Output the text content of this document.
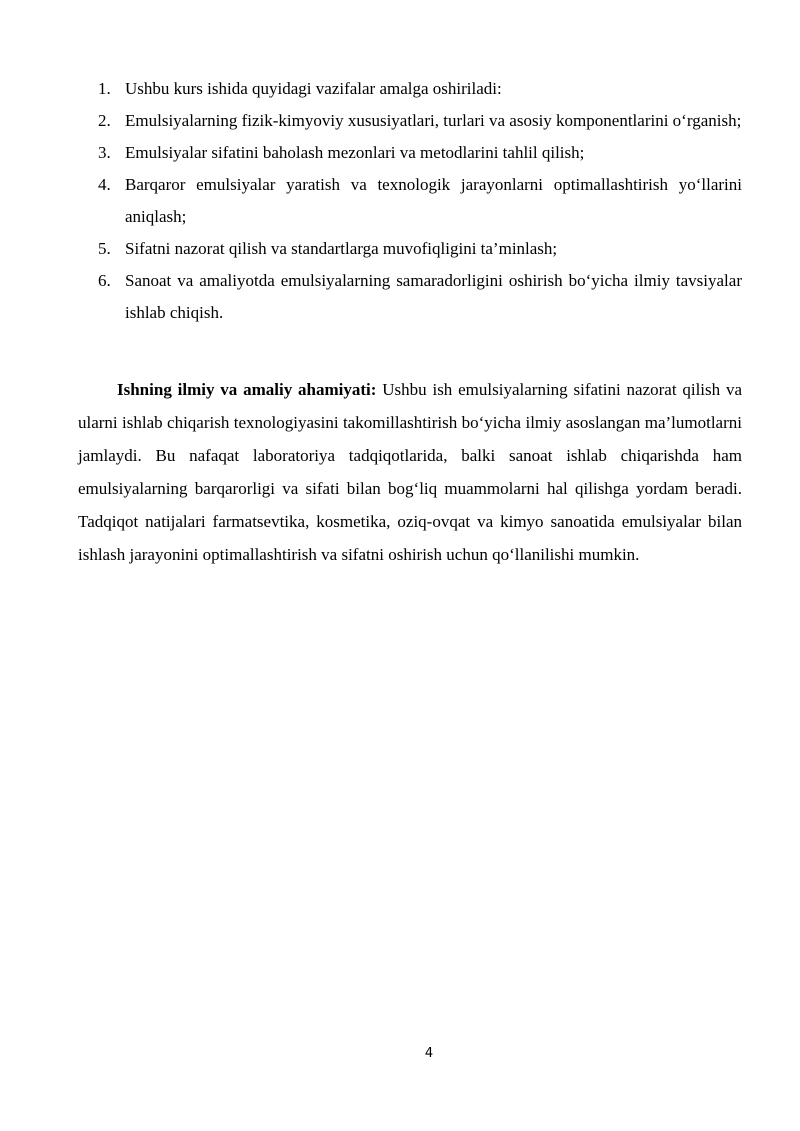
1. Ushbu kurs ishida quyidagi vazifalar amalga oshiriladi:
2. Emulsiyalarning fizik-kimyoviy xususiyatlari, turlari va asosiy komponentlarini o‘rganish;
3. Emulsiyalar sifatini baholash mezonlari va metodlarini tahlil qilish;
4. Barqaror emulsiyalar yaratish va texnologik jarayonlarni optimallashtirish yo‘llarini aniqlash;
5. Sifatni nazorat qilish va standartlarga muvofiqligini ta’minlash;
6. Sanoat va amaliyotda emulsiyalarning samaradorligini oshirish bo‘yicha ilmiy tavsiyalar ishlab chiqish.

Ishning ilmiy va amaliy ahamiyati: Ushbu ish emulsiyalarning sifatini nazorat qilish va ularni ishlab chiqarish texnologiyasini takomillashtirish bo‘yicha ilmiy asoslangan ma’lumotlarni jamlaydi. Bu nafaqat laboratoriya tadqiqotlarida, balki sanoat ishlab chiqarishda ham emulsiyalarning barqarorligi va sifati bilan bog‘liq muammolarni hal qilishga yordam beradi. Tadqiqot natijalari farmatsevtika, kosmetika, oziq-ovqat va kimyo sanoatida emulsiyalar bilan ishlash jarayonini optimallashtirish va sifatni oshirish uchun qo‘llanilishi mumkin.

4
